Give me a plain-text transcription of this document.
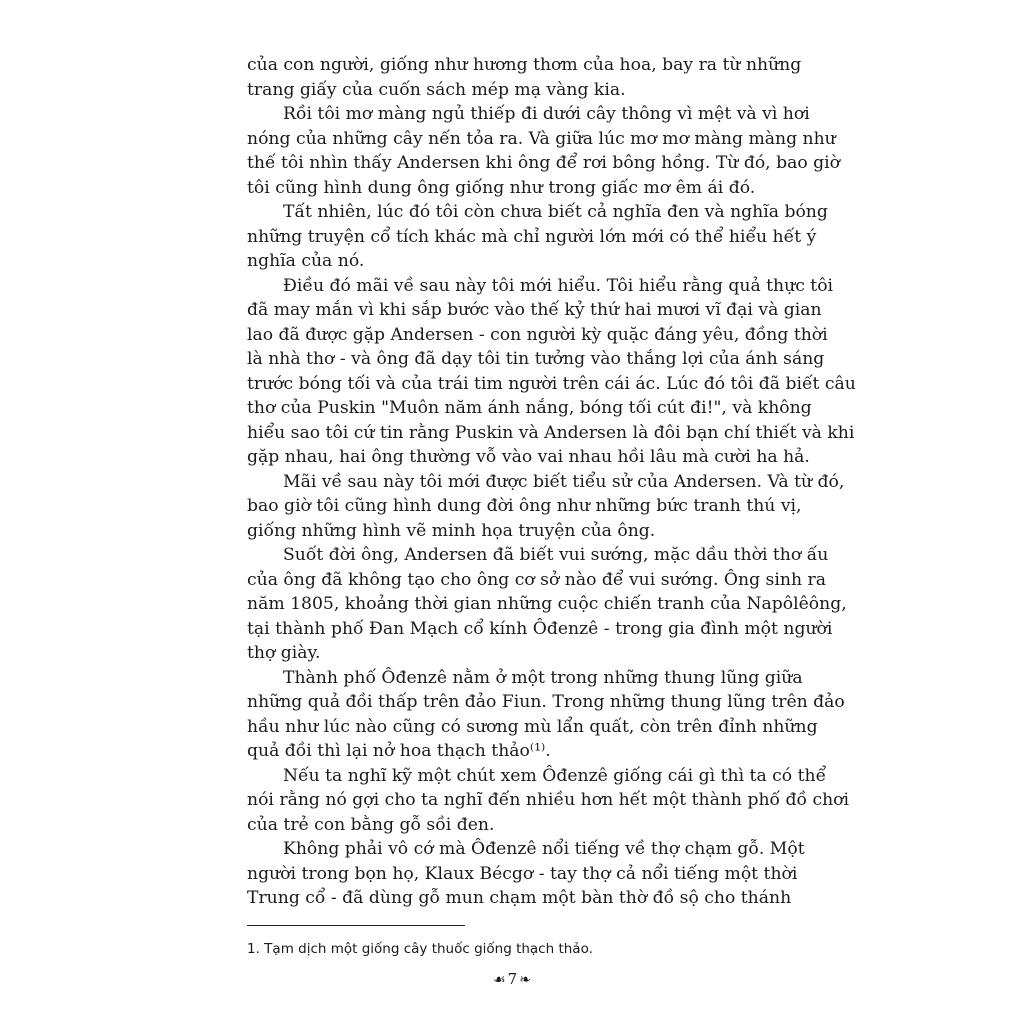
của con người, giống như hương thơm của hoa, bay ra từ những
trang giấy của cuốn sách mép mạ vàng kia.
Rồi tôi mơ màng ngủ thiếp đi dưới cây thông vì mệt và vì hơi
nóng của những cây nến tỏa ra. Và giữa lúc mơ mơ màng màng như
thế tôi nhìn thấy Andersen khi ông để rơi bông hồng. Từ đó, bao giờ
tôi cũng hình dung ông giống như trong giấc mơ êm ái đó.
Tất nhiên, lúc đó tôi còn chưa biết cả nghĩa đen và nghĩa bóng
những truyện cổ tích khác mà chỉ người lớn mới có thể hiểu hết ý
nghĩa của nó.
Điều đó mãi về sau này tôi mới hiểu. Tôi hiểu rằng quả thực tôi
đã may mắn vì khi sắp bước vào thế kỷ thứ hai mươi vĩ đại và gian
lao đã được gặp Andersen - con người kỳ quặc đáng yêu, đồng thời
là nhà thơ - và ông đã dạy tôi tin tưởng vào thắng lợi của ánh sáng
trước bóng tối và của trái tim người trên cái ác. Lúc đó tôi đã biết câu
thơ của Puskin "Muôn năm ánh nắng, bóng tối cút đi!", và không
hiểu sao tôi cứ tin rằng Puskin và Andersen là đôi bạn chí thiết và khi
gặp nhau, hai ông thường vỗ vào vai nhau hồi lâu mà cười ha hả.
Mãi về sau này tôi mới được biết tiểu sử của Andersen. Và từ đó,
bao giờ tôi cũng hình dung đời ông như những bức tranh thú vị,
giống những hình vẽ minh họa truyện của ông.
Suốt đời ông, Andersen đã biết vui sướng, mặc dầu thời thơ ấu
của ông đã không tạo cho ông cơ sở nào để vui sướng. Ông sinh ra
năm 1805, khoảng thời gian những cuộc chiến tranh của Napôlêông,
tại thành phố Đan Mạch cổ kính Ôđenzê - trong gia đình một người
thợ giày.
Thành phố Ôđenzê nằm ở một trong những thung lũng giữa
những quả đồi thấp trên đảo Fiun. Trong những thung lũng trên đảo
hầu như lúc nào cũng có sương mù lẩn quất, còn trên đỉnh những
quả đồi thì lại nở hoa thạch thảo⁽¹⁾.
Nếu ta nghĩ kỹ một chút xem Ôđenzê giống cái gì thì ta có thể
nói rằng nó gợi cho ta nghĩ đến nhiều hơn hết một thành phố đồ chơi
của trẻ con bằng gỗ sồi đen.
Không phải vô cớ mà Ôđenzê nổi tiếng về thợ chạm gỗ. Một
người trong bọn họ, Klaux Bécgơ - tay thợ cả nổi tiếng một thời
Trung cổ - đã dùng gỗ mun chạm một bàn thờ đồ sộ cho thánh
1. Tạm dịch một giống cây thuốc giống thạch thảo.
☙ 7 ❧
